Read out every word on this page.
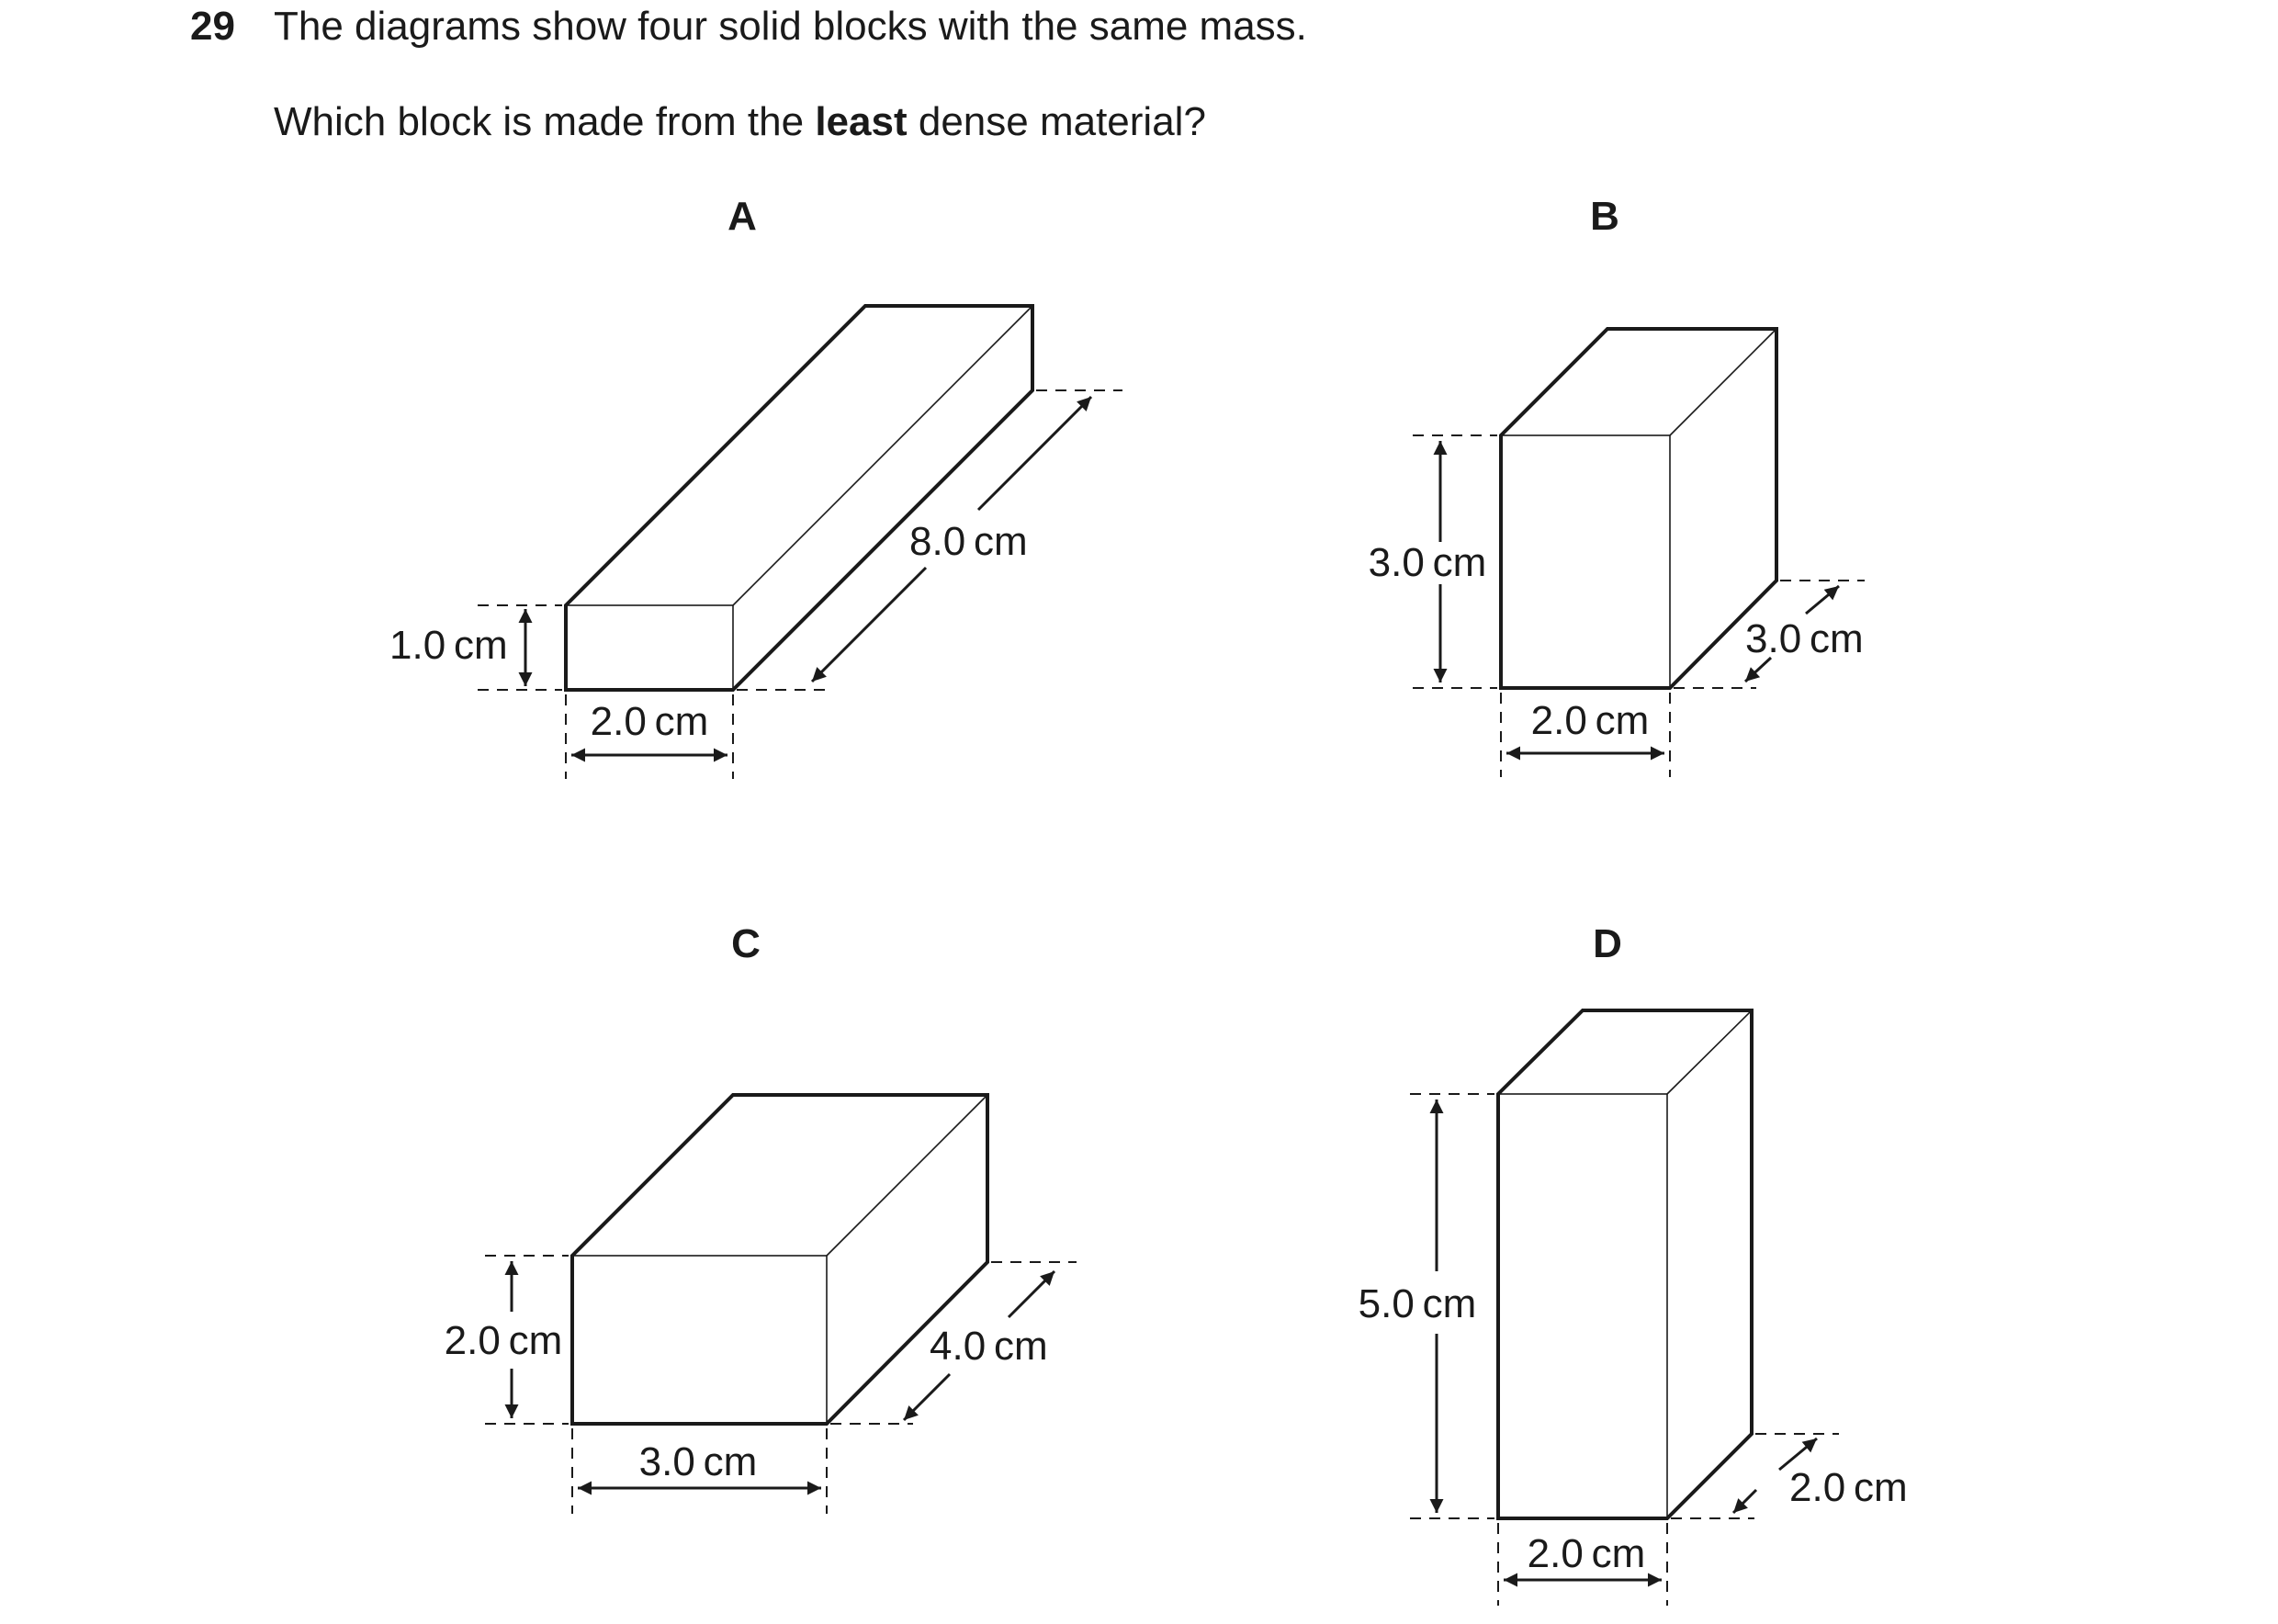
29 The diagrams show four solid blocks with the same mass.
Which block is made from the least dense material?
A
1.0 cm
2.0 cm
8.0 cm
B
3.0 cm
2.0 cm
3.0 cm
C
2.0 cm
3.0 cm
4.0 cm
D
5.0 cm
2.0 cm
2.0 cm
